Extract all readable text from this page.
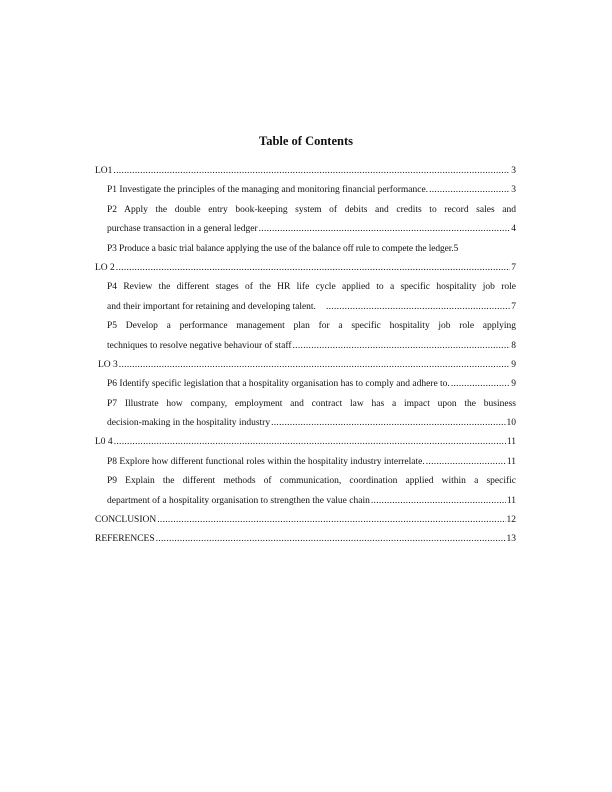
Table of Contents
LO1 .....	3
P1 Investigate the principles of the managing and monitoring financial performance. .....	3
P2 Apply the double entry book-keeping system of debits and credits to record sales and
purchase transaction in a general ledger .....	4
P3 Produce a basic trial balance applying the use of the balance off rule to compete the ledger. 5
LO 2 .....	7
P4 Review the different stages of the HR life cycle applied to a specific hospitality job role
and their important for retaining and developing talent. .....	7
P5 Develop a performance management plan for a specific hospitality job role applying
techniques to resolve negative behaviour of staff .....	8
LO 3 .....	9
P6 Identify specific legislation that a hospitality organisation has to comply and adhere to. .....	9
P7 Illustrate how company, employment and contract law has a impact upon the business
decision-making in the hospitality industry .....	10
L0 4 .....	11
P8 Explore how different functional roles within the hospitality industry interrelate. .....	11
P9 Explain the different methods of communication, coordination applied within a specific
department of a hospitality organisation to strengthen the value chain .....	11
CONCLUSION .....	12
REFERENCES .....	13
